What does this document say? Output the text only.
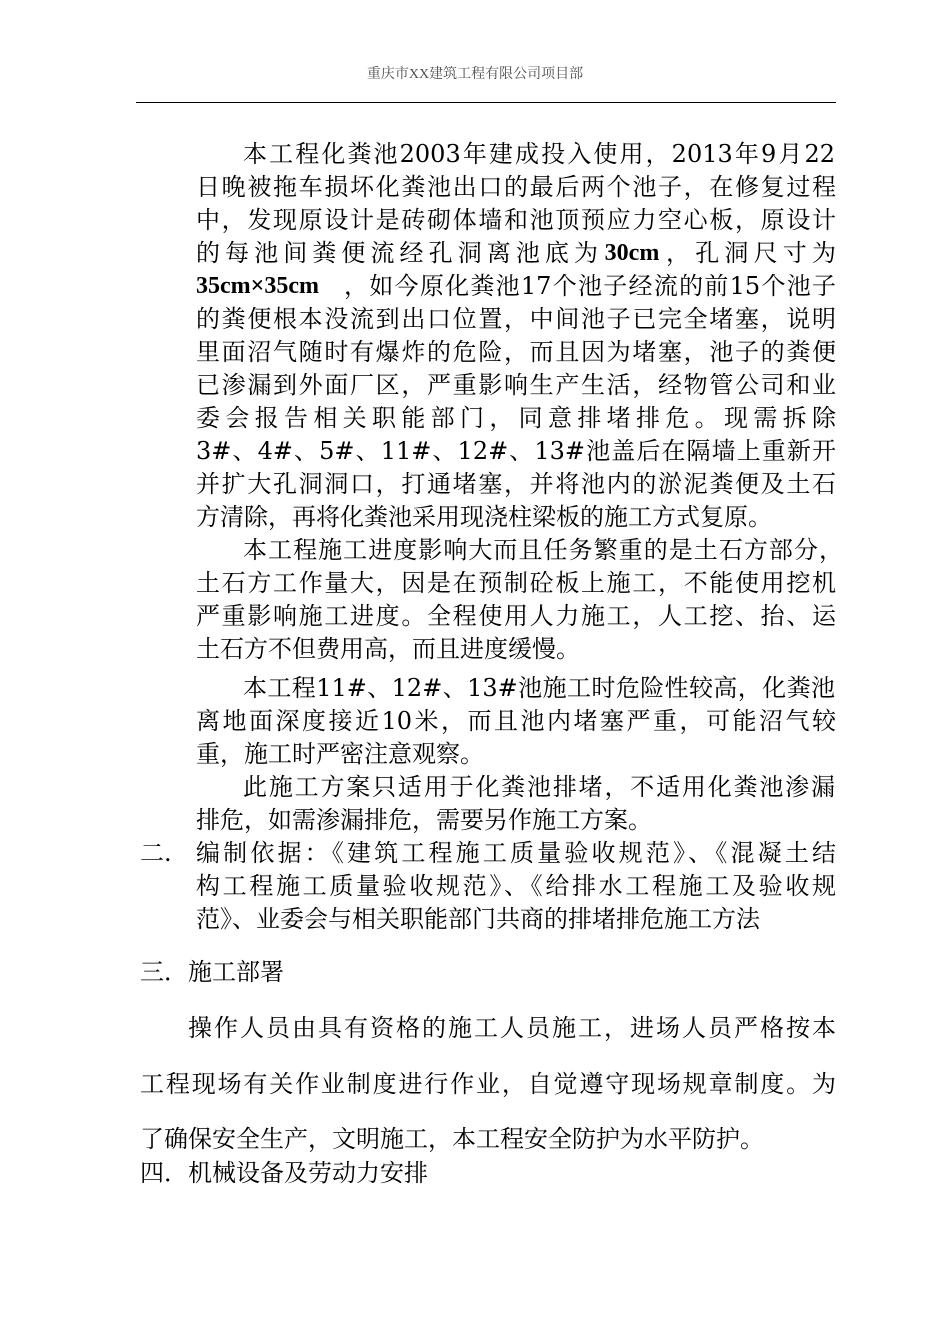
重庆市XX建筑工程有限公司项目部
本工程化粪池2003年建成投入使用，2013年9月22
日晚被拖车损坏化粪池出口的最后两个池子，在修复过程
中，发现原设计是砖砌体墙和池顶预应力空心板，原设计
的每池间粪便流经孔洞离池底为 30cm ，孔洞尺寸为
35cm×35cm ，如今原化粪池17个池子经流的前15个池子
的粪便根本没流到出口位置，中间池子已完全堵塞，说明
里面沼气随时有爆炸的危险，而且因为堵塞，池子的粪便
已渗漏到外面厂区，严重影响生产生活，经物管公司和业
委会报告相关职能部门，同意排堵排危。现需拆除
3#、4#、5#、11#、12#、13#池盖后在隔墙上重新开
并扩大孔洞洞口，打通堵塞，并将池内的淤泥粪便及土石
方清除，再将化粪池采用现浇柱梁板的施工方式复原。
本工程施工进度影响大而且任务繁重的是土石方部分，
土石方工作量大，因是在预制砼板上施工，不能使用挖机
严重影响施工进度。全程使用人力施工，人工挖、抬、运
土石方不但费用高，而且进度缓慢。
本工程11#、12#、13#池施工时危险性较高，化粪池
离地面深度接近10米，而且池内堵塞严重，可能沼气较
重，施工时严密注意观察。
此施工方案只适用于化粪池排堵，不适用化粪池渗漏
排危，如需渗漏排危，需要另作施工方案。
二. 编制依据：《建筑工程施工质量验收规范》、《混凝土结
构工程施工质量验收规范》、《给排水工程施工及验收规
范》、业委会与相关职能部门共商的排堵排危施工方法
三．施工部署
操作人员由具有资格的施工人员施工，进场人员严格按本
工程现场有关作业制度进行作业，自觉遵守现场规章制度。为
了确保安全生产，文明施工，本工程安全防护为水平防护。
四．机械设备及劳动力安排
